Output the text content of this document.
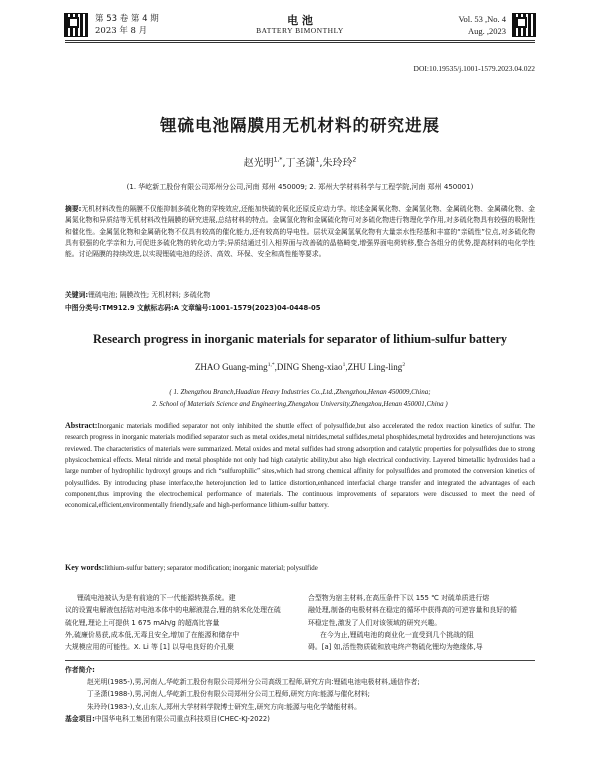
第 53 卷 第 4 期
2023 年 8 月
电 池
BATTERY BIMONTHLY
Vol. 53 ,No. 4
Aug. ,2023
DOI:10.19535/j.1001-1579.2023.04.022
锂硫电池隔膜用无机材料的研究进展
赵光明$^{1,*}$,丁圣潇$^1$,朱玲玲$^2$
(1. 华屹新工股份有限公司郑州分公司,河南 郑州 450009; 2. 郑州大学材料科学与工程学院,河南 郑州 450001)
摘要:无机材料改性的隔膜不仅能抑制多硫化物的穿梭效应,还能加快硫的氧化还原反应动力学。综述金属氧化物、金属氢化物、金属硫化物、金属磷化物、金属氮化物和异质结等无机材料改性隔膜的研究进展,总结材料的特点。金属氢化物和金属硫化物可对多硫化物进行物理化学作用,对多硫化物具有较强的吸附性和催化性。金属氢化物和金属硝化物不仅具有较高的催化能力,还有较高的导电性。层状双金属氢氧化物有大量亲水性羟基和丰富的“亲硫性”位点,对多硫化物具有很强的化学亲和力,可促进多硫化物的转化动力学;异质结通过引入相界面与改善硫的晶格畸变,增强界面电荷转移,整合各组分的优势,提高材料的电化学性能。讨论隔膜的持续改进,以实现锂硫电池的经济、高效、环保、安全和高性能等要求。
关键词:锂硫电池; 隔膜改性; 无机材料; 多硫化物
中图分类号:TM912.9 文献标志码:A 文章编号:1001-1579(2023)04-0448-05
Research progress in inorganic materials for separator of lithium-sulfur battery
ZHAO Guang-ming$^{1,*}$,DING Sheng-xiao$^1$,ZHU Ling-ling$^2$
( 1. Zhengzhou Branch,Huadian Heavy Industries Co.,Ltd.,Zhengzhou,Henan 450009,China;
2. School of Materials Science and Engineering,Zhengzhou University,Zhengzhou,Henan 450001,China )
Abstract:Inorganic materials modified separator not only inhibited the shuttle effect of polysulfide,but also accelerated the redox reaction kinetics of sulfur. The research progress in inorganic materials modified separator such as metal oxides,metal nitrides,metal sulfides,metal phosphides,metal hydroxides and heterojunctions was reviewed. The characteristics of materials were summarized. Metal oxides and metal sulfides had strong adsorption and catalytic properties for polysulfides due to strong physicochemical effects. Metal nitride and metal phosphide not only had high catalytic ability,but also high electrical conductivity. Layered bimetallic hydroxides had a large number of hydrophilic hydroxyl groups and rich “sulfurophilic” sites,which had strong chemical affinity for polysulfides and promoted the conversion kinetics of polysulfides. By introducing phase interface,the heterojunction led to lattice distortion,enhanced interfacial charge transfer and integrated the advantages of each component,thus improving the electrochemical performance of materials. The continuous improvements of separators were discussed to meet the need of economical,efficient,environmentally friendly,safe and high-performance lithium-sulfur battery.
Key words:lithium-sulfur battery; separator modification; inorganic material; polysulfide
锂硫电池被认为是有前途的下一代能源转换系统。建
议的设置电解液包括钴对电池本体中的电解液混合,锂的纳米化处理在硫
硫化锂,理论上可提供 1 675 mAh/g 的超高比容量
外,硫廉价易获,成本低,无毒且安全,增加了在能源和储存中
大规模应用的可能性。X. Li 等 [1] 以导电良好的介孔聚
合型物为宿主材料,在高压条件下以 155 ℃ 对硫单质进行熔
融处理,制备的电极材料在稳定的循环中获得高的可逆容量和良好的循
环稳定性,激发了人们对该领域的研究兴趣。
在今为止,锂硫电池的商业化一直受到几个挑战的阻
碍。[a] 如,活性物质硫和放电终产物硫化锂均为绝缘体,导
作者简介:
赵光明(1985-),男,河南人,华屹新工股份有限公司郑州分公司高级工程师,研究方向:锂硫电池电极材料,通信作者;
丁圣潇(1988-),男,河南人,华屹新工股份有限公司郑州分公司工程师,研究方向:能源与催化材料;
朱玲玲(1983-),女,山东人,郑州大学材料学院博士研究生,研究方向:能源与电化学储能材料。
基金项目:中国华电科工集团有限公司重点科技项目(CHEC-KJ-2022)
